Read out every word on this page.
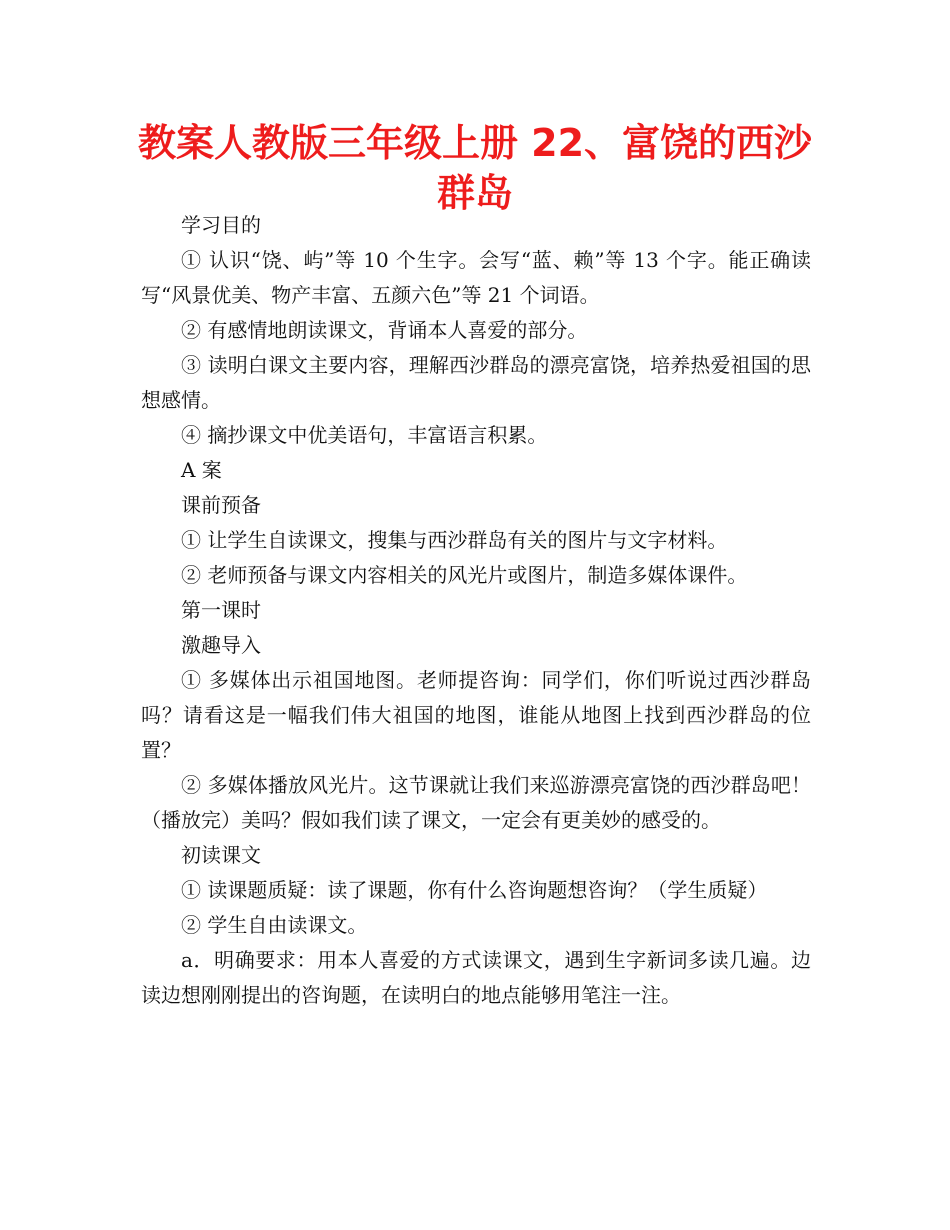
教案人教版三年级上册 22、富饶的西沙群岛

学习目的

① 认识“饶、屿”等 10 个生字。会写“蓝、赖”等 13 个字。能正确读写“风景优美、物产丰富、五颜六色”等 21 个词语。

② 有感情地朗读课文，背诵本人喜爱的部分。

③ 读明白课文主要内容，理解西沙群岛的漂亮富饶，培养热爱祖国的思想感情。

④ 摘抄课文中优美语句，丰富语言积累。

A 案

课前预备

① 让学生自读课文，搜集与西沙群岛有关的图片与文字材料。

② 老师预备与课文内容相关的风光片或图片，制造多媒体课件。

第一课时

激趣导入

① 多媒体出示祖国地图。老师提咨询：同学们，你们听说过西沙群岛吗？请看这是一幅我们伟大祖国的地图，谁能从地图上找到西沙群岛的位置？

② 多媒体播放风光片。这节课就让我们来巡游漂亮富饶的西沙群岛吧！（播放完）美吗？假如我们读了课文，一定会有更美妙的感受的。

初读课文

① 读课题质疑：读了课题，你有什么咨询题想咨询？（学生质疑）

② 学生自由读课文。

a．明确要求：用本人喜爱的方式读课文，遇到生字新词多读几遍。边读边想刚刚提出的咨询题，在读明白的地点能够用笔注一注。
